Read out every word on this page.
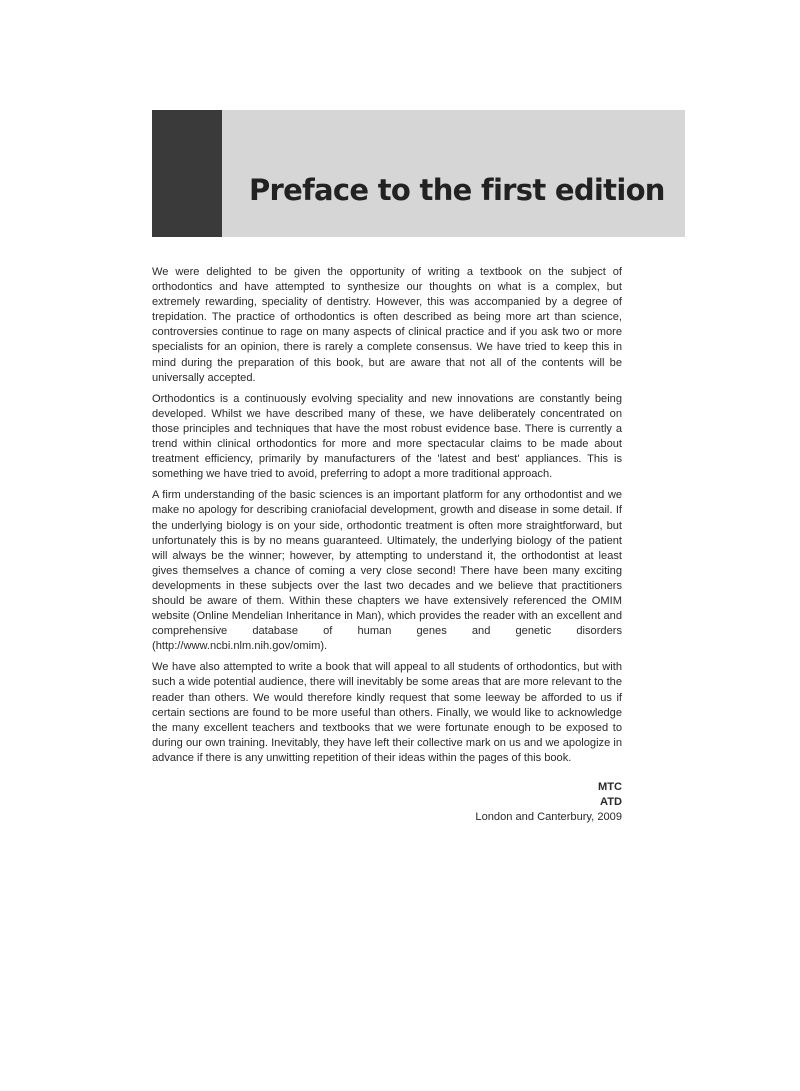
Preface to the first edition

We were delighted to be given the opportunity of writing a textbook on the subject of orthodontics and have attempted to synthesize our thoughts on what is a complex, but extremely rewarding, speciality of dentistry. However, this was accompanied by a degree of trepidation. The practice of orthodontics is often described as being more art than science, controversies continue to rage on many aspects of clinical practice and if you ask two or more specialists for an opinion, there is rarely a complete consensus. We have tried to keep this in mind during the preparation of this book, but are aware that not all of the contents will be universally accepted.

Orthodontics is a continuously evolving speciality and new innovations are constantly being developed. Whilst we have described many of these, we have deliberately concentrated on those principles and techniques that have the most robust evidence base. There is currently a trend within clinical orthodontics for more and more spectacular claims to be made about treatment efficiency, primarily by manufacturers of the 'latest and best' appliances. This is something we have tried to avoid, preferring to adopt a more traditional approach.

A firm understanding of the basic sciences is an important platform for any orthodontist and we make no apology for describing craniofacial development, growth and disease in some detail. If the underlying biology is on your side, orthodontic treatment is often more straightforward, but unfortunately this is by no means guaranteed. Ultimately, the underlying biology of the patient will always be the winner; however, by attempting to understand it, the orthodontist at least gives themselves a chance of coming a very close second! There have been many exciting developments in these subjects over the last two decades and we believe that practitioners should be aware of them. Within these chapters we have extensively referenced the OMIM website (Online Mendelian Inheritance in Man), which provides the reader with an excellent and comprehensive database of human genes and genetic disorders (http://www.ncbi.nlm.nih.gov/omim).

We have also attempted to write a book that will appeal to all students of orthodontics, but with such a wide potential audience, there will inevitably be some areas that are more relevant to the reader than others. We would therefore kindly request that some leeway be afforded to us if certain sections are found to be more useful than others. Finally, we would like to acknowledge the many excellent teachers and textbooks that we were fortunate enough to be exposed to during our own training. Inevitably, they have left their collective mark on us and we apologize in advance if there is any unwitting repetition of their ideas within the pages of this book.

MTC
ATD
London and Canterbury, 2009
